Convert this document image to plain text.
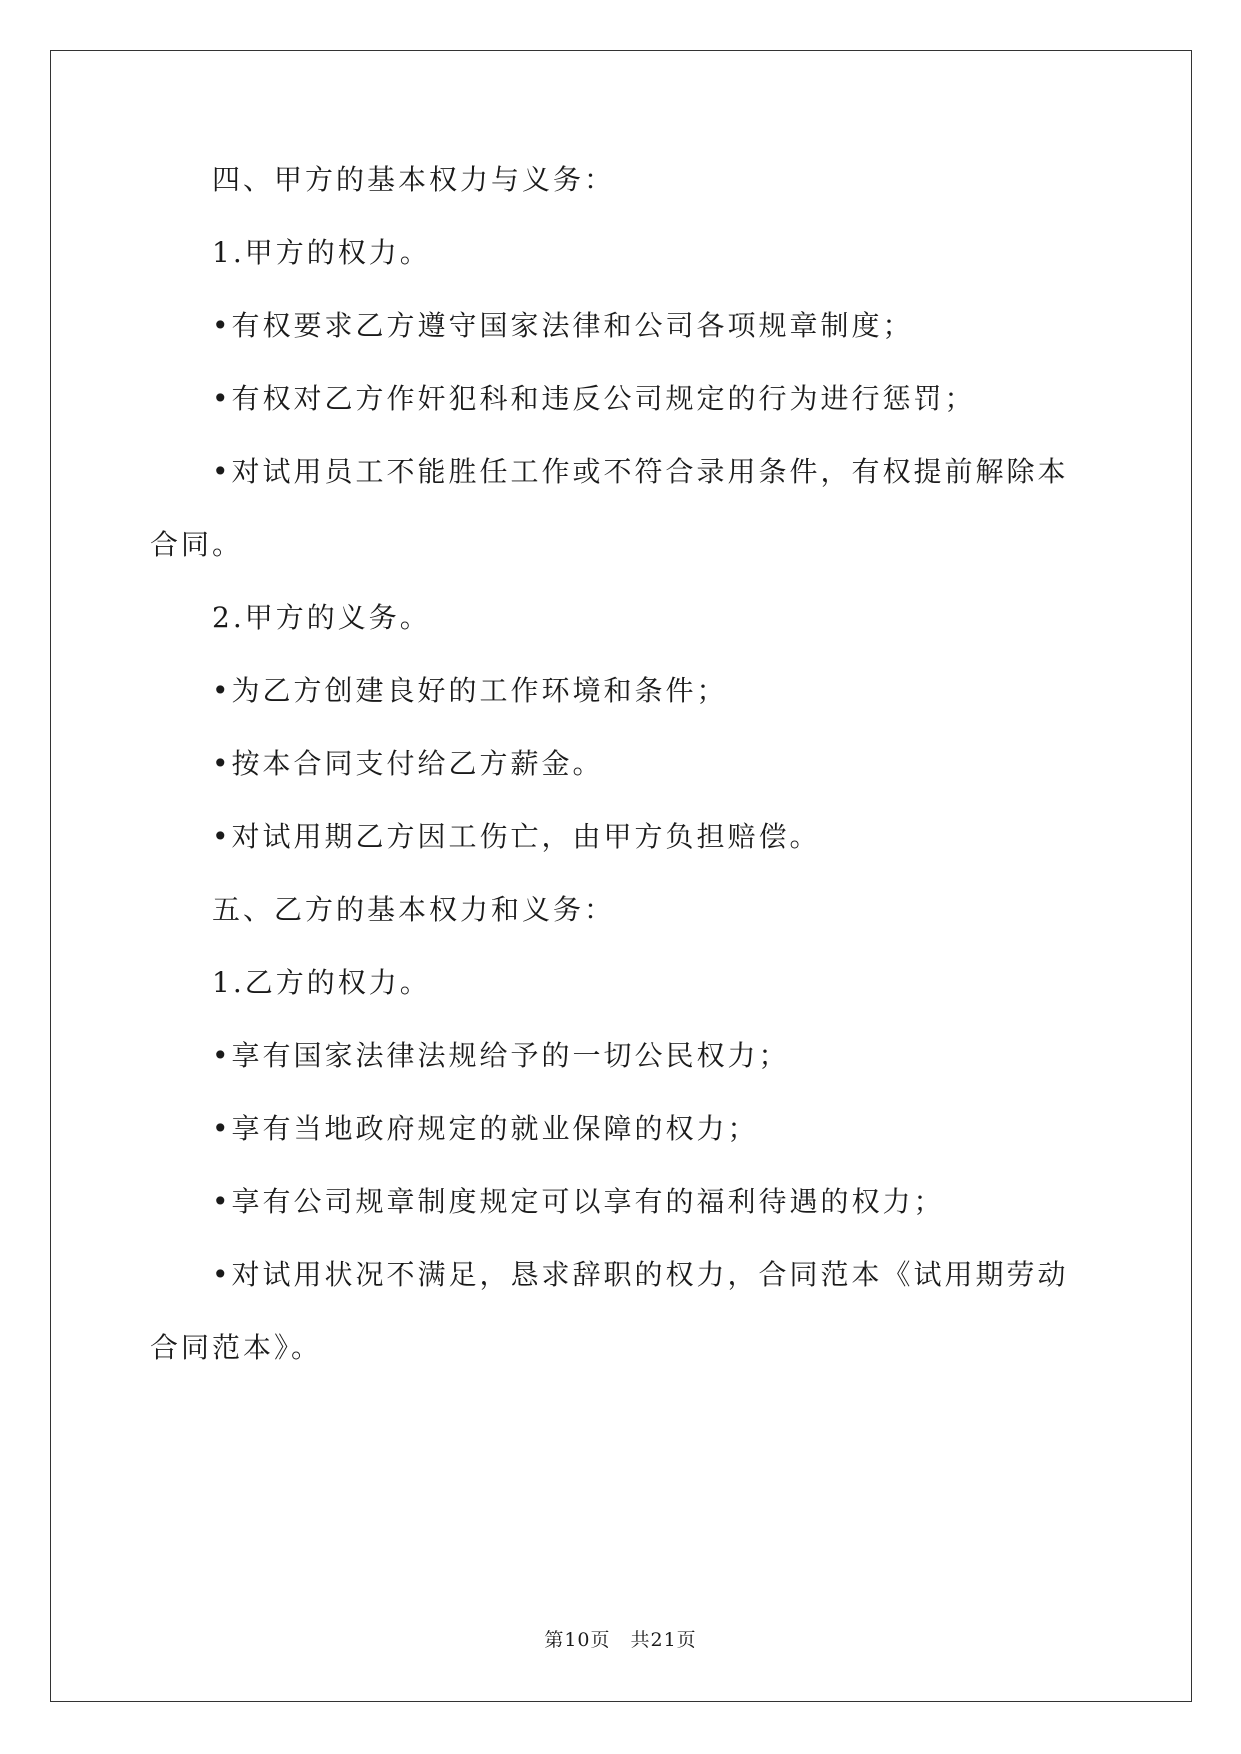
四、甲方的基本权力与义务：
1.甲方的权力。
•有权要求乙方遵守国家法律和公司各项规章制度；
•有权对乙方作奸犯科和违反公司规定的行为进行惩罚；
•对试用员工不能胜任工作或不符合录用条件，有权提前解除本
合同。
2.甲方的义务。
•为乙方创建良好的工作环境和条件；
•按本合同支付给乙方薪金。
•对试用期乙方因工伤亡，由甲方负担赔偿。
五、乙方的基本权力和义务：
1.乙方的权力。
•享有国家法律法规给予的一切公民权力；
•享有当地政府规定的就业保障的权力；
•享有公司规章制度规定可以享有的福利待遇的权力；
•对试用状况不满足，恳求辞职的权力，合同范本《试用期劳动
合同范本》。
第10页　共21页
